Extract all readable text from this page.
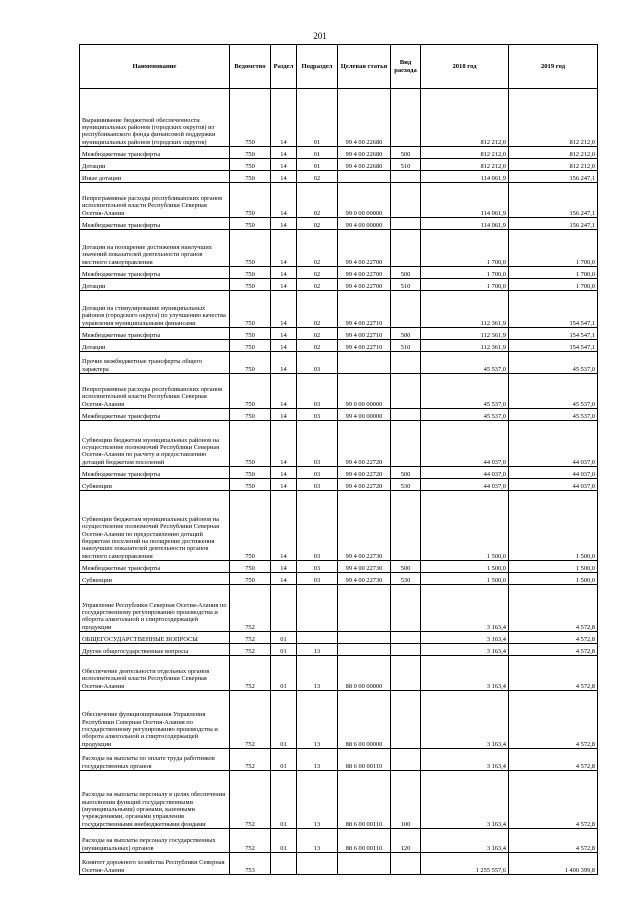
201
Наименование	Ведомство	Раздел	Подраздел	Целевая статья	Вид расхода	2018 год	2019 год
Выравнивание бюджетной обеспеченности муниципальных районов (городских округов) из республиканского фонда финансовой поддержки муниципальных районов (городских округов)	750	14	01	99 4 00 22680		812 212,0	812 212,0
Межбюджетные трансферты	750	14	01	99 4 00 22680	500	812 212,0	812 212,0
Дотации	750	14	01	99 4 00 22680	510	812 212,0	812 212,0
Иные дотации	750	14	02			114 061,9	156 247,1
Непрограммные расходы республиканских органов исполнительной власти Республики Северная Осетия-Алания	750	14	02	99 0 00 00000		114 061,9	156 247,1
Межбюджетные трансферты	750	14	02	99 4 00 00000		114 061,9	156 247,1
Дотации на поощрение достижения наилучших значений показателей деятельности органов местного самоуправления	750	14	02	99 4 00 22700		1 700,0	1 700,0
Межбюджетные трансферты	750	14	02	99 4 00 22700	500	1 700,0	1 700,0
Дотации	750	14	02	99 4 00 22700	510	1 700,0	1 700,0
Дотации на стимулирование муниципальных районов (городского округа) по улучшению качества управления муниципальными финансами	750	14	02	99 4 00 22710		112 361,9	154 547,1
Межбюджетные трансферты	750	14	02	99 4 00 22710	500	112 361,9	154 547,1
Дотации	750	14	02	99 4 00 22710	510	112 361,9	154 547,1
Прочие межбюджетные трансферты общего характера	750	14	03			45 537,0	45 537,0
Непрограммные расходы республиканских органов исполнительной власти Республики Северная Осетия-Алания	750	14	03	99 0 00 00000		45 537,0	45 537,0
Межбюджетные трансферты	750	14	03	99 4 00 00000		45 537,0	45 537,0
Субвенции бюджетам муниципальных районов на осуществление полномочий Республики Северная Осетия-Алания по расчету и предоставлению дотаций бюджетам поселений	750	14	03	99 4 00 22720		44 037,0	44 037,0
Межбюджетные трансферты	750	14	03	99 4 00 22720	500	44 037,0	44 037,0
Субвенции	750	14	03	99 4 00 22720	530	44 037,0	44 037,0
Субвенции бюджетам муниципальных районов на осуществление полномочий Республики Северная Осетия-Алания по предоставлению дотаций бюджетам поселений на поощрение достижения наилучших показателей деятельности органов местного самоуправления	750	14	03	99 4 00 22730		1 500,0	1 500,0
Межбюджетные трансферты	750	14	03	99 4 00 22730	500	1 500,0	1 500,0
Субвенции	750	14	03	99 4 00 22730	530	1 500,0	1 500,0
Управление Республики Северная Осетия-Алания по государственному регулированию производства и оборота алкогольной и спиртосодержащей продукции	752					3 163,4	4 572,8
ОБЩЕГОСУДАРСТВЕННЫЕ ВОПРОСЫ	752	01				3 163,4	4 572,8
Другие общегосударственные вопросы	752	01	13			3 163,4	4 572,8
Обеспечение деятельности отдельных органов исполнительной власти Республики Северная Осетия-Алания	752	01	13	88 0 00 00000		3 163,4	4 572,8
Обеспечение функционирования Управления Республики Северная Осетия-Алания по государственному регулированию производства и оборота алкогольной и спиртосодержащей продукции	752	01	13	88 6 00 00000		3 163,4	4 572,8
Расходы на выплаты по оплате труда работников государственных органов	752	01	13	88 6 00 00110		3 163,4	4 572,8
Расходы на выплаты персоналу в целях обеспечения выполнения функций государственными (муниципальными) органами, казенными учреждениями, органами управления государственными внебюджетными фондами	752	01	13	88 6 00 00110	100	3 163,4	4 572,8
Расходы на выплаты персоналу государственных (муниципальных) органов	752	01	13	88 6 00 00110	120	3 163,4	4 572,8
Комитет дорожного хозяйства Республики Северная Осетия-Алания	753					1 255 557,6	1 400 399,8
